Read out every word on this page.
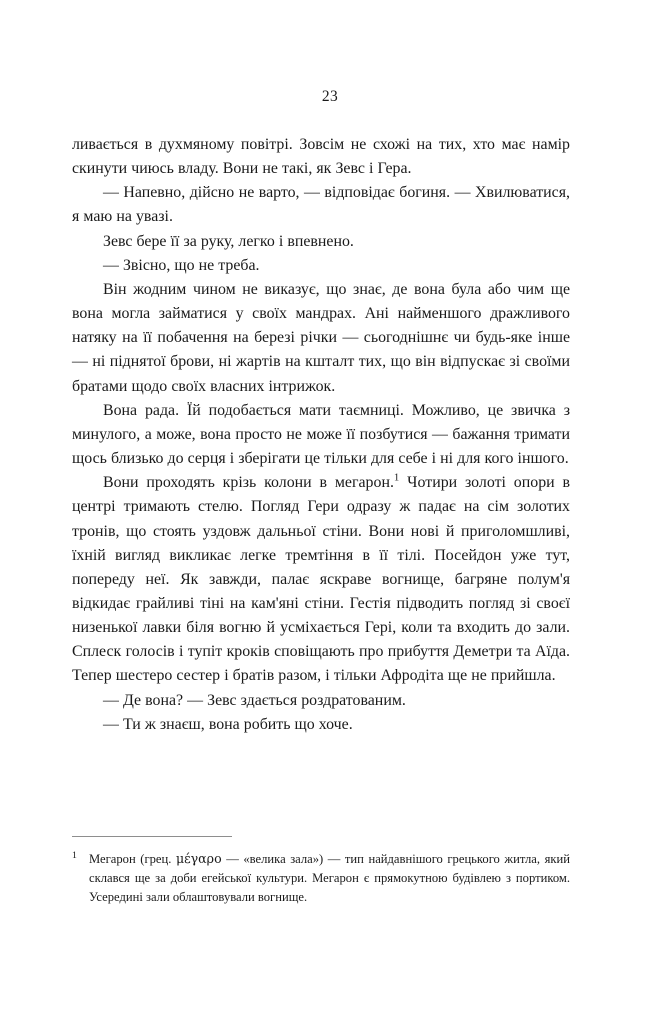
23

ливається в духмяному повітрі. Зовсім не схожі на тих, хто має намір скинути чиюсь владу. Вони не такі, як Зевс і Гера.

— Напевно, дійсно не варто, — відповідає богиня. — Хвилюватися, я маю на увазі.

Зевс бере її за руку, легко і впевнено.

— Звісно, що не треба.

Він жодним чином не виказує, що знає, де вона була або чим ще вона могла займатися у своїх мандрах. Ані найменшого дражливого натяку на її побачення на березі річки — сьогоднішнє чи будь-яке інше — ні піднятої брови, ні жартів на кшталт тих, що він відпускає зі своїми братами щодо своїх власних інтрижок.

Вона рада. Їй подобається мати таємниці. Можливо, це звичка з минулого, а може, вона просто не може її позбутися — бажання тримати щось близько до серця і зберігати це тільки для себе і ні для кого іншого.

Вони проходять крізь колони в мегарон.$^1$ Чотири золоті опори в центрі тримають стелю. Погляд Гери одразу ж падає на сім золотих тронів, що стоять уздовж дальньої стіни. Вони нові й приголомшливі, їхній вигляд викликає легке тремтіння в її тілі. Посейдон уже тут, попереду неї. Як завжди, палає яскраве вогнище, багряне полум'я відкидає грайливі тіні на кам'яні стіни. Гестія підводить погляд зі своєї низенької лавки біля вогню й усміхається Гері, коли та входить до зали. Сплеск голосів і тупіт кроків сповіщають про прибуття Деметри та Аїда. Тепер шестеро сестер і братів разом, і тільки Афродіта ще не прийшла.

— Де вона? — Зевс здається роздратованим.

— Ти ж знаєш, вона робить що хоче.

1 Мегарон (грец. μέγαρο — «велика зала») — тип найдавнішого грецького житла, який склався ще за доби егейської культури. Мегарон є прямокутною будівлею з портиком. Усередині зали облаштовували вогнище.
